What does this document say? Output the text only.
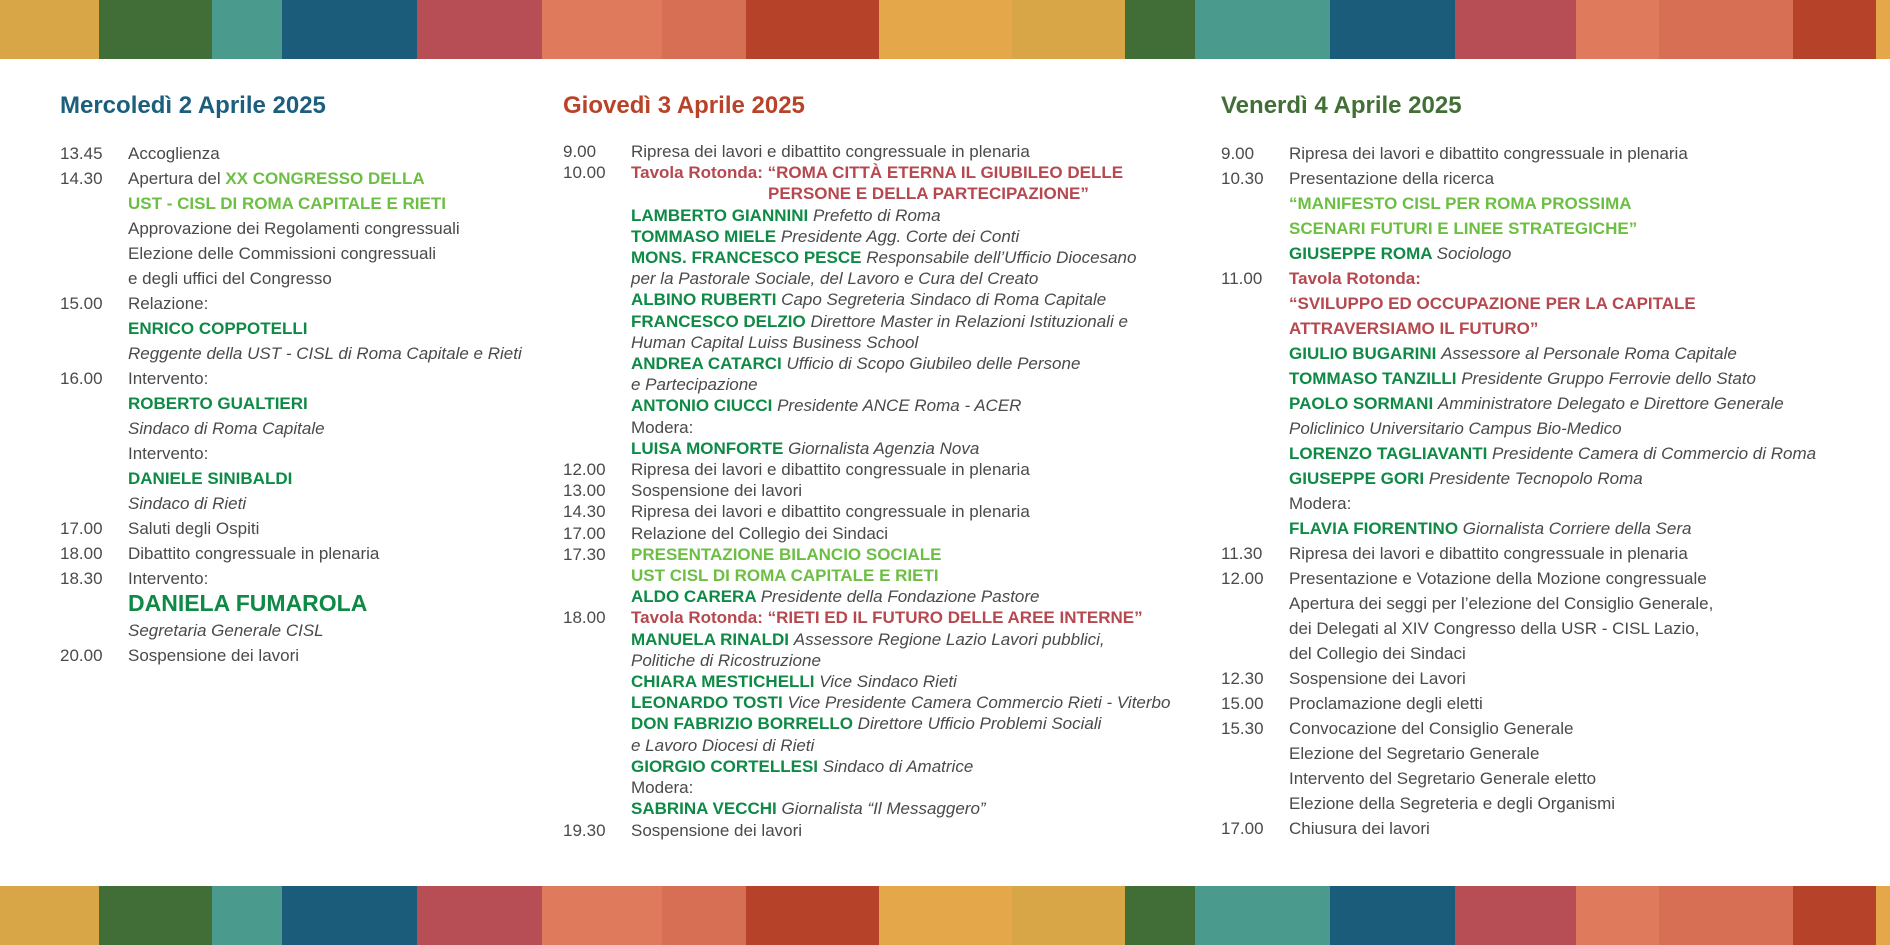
Mercoledì 2 Aprile 2025
13.45	Accoglienza
14.30	Apertura del XX CONGRESSO DELLA
UST - CISL DI ROMA CAPITALE E RIETI
Approvazione dei Regolamenti congressuali
Elezione delle Commissioni congressuali
e degli uffici del Congresso
15.00	Relazione:
ENRICO COPPOTELLI
Reggente della UST - CISL di Roma Capitale e Rieti
16.00	Intervento:
ROBERTO GUALTIERI
Sindaco di Roma Capitale
Intervento:
DANIELE SINIBALDI
Sindaco di Rieti
17.00	Saluti degli Ospiti
18.00	Dibattito congressuale in plenaria
18.30	Intervento:
DANIELA FUMAROLA
Segretaria Generale CISL
20.00	Sospensione dei lavori
Giovedì 3 Aprile 2025
9.00	Ripresa dei lavori e dibattito congressuale in plenaria
10.00	Tavola Rotonda: “ROMA CITTÀ ETERNA IL GIUBILEO DELLE
PERSONE E DELLA PARTECIPAZIONE”
LAMBERTO GIANNINI Prefetto di Roma
TOMMASO MIELE Presidente Agg. Corte dei Conti
MONS. FRANCESCO PESCE Responsabile dell’Ufficio Diocesano
per la Pastorale Sociale, del Lavoro e Cura del Creato
ALBINO RUBERTI Capo Segreteria Sindaco di Roma Capitale
FRANCESCO DELZIO Direttore Master in Relazioni Istituzionali e
Human Capital Luiss Business School
ANDREA CATARCI Ufficio di Scopo Giubileo delle Persone
e Partecipazione
ANTONIO CIUCCI Presidente ANCE Roma - ACER
Modera:
LUISA MONFORTE Giornalista Agenzia Nova
12.00	Ripresa dei lavori e dibattito congressuale in plenaria
13.00	Sospensione dei lavori
14.30	Ripresa dei lavori e dibattito congressuale in plenaria
17.00	Relazione del Collegio dei Sindaci
17.30	PRESENTAZIONE BILANCIO SOCIALE
UST CISL DI ROMA CAPITALE E RIETI
ALDO CARERA Presidente della Fondazione Pastore
18.00	Tavola Rotonda: “RIETI ED IL FUTURO DELLE AREE INTERNE”
MANUELA RINALDI Assessore Regione Lazio Lavori pubblici,
Politiche di Ricostruzione
CHIARA MESTICHELLI Vice Sindaco Rieti
LEONARDO TOSTI Vice Presidente Camera Commercio Rieti - Viterbo
DON FABRIZIO BORRELLO Direttore Ufficio Problemi Sociali
e Lavoro Diocesi di Rieti
GIORGIO CORTELLESI Sindaco di Amatrice
Modera:
SABRINA VECCHI Giornalista “Il Messaggero”
19.30	Sospensione dei lavori
Venerdì 4 Aprile 2025
9.00	Ripresa dei lavori e dibattito congressuale in plenaria
10.30	Presentazione della ricerca
“MANIFESTO CISL PER ROMA PROSSIMA
SCENARI FUTURI E LINEE STRATEGICHE”
GIUSEPPE ROMA Sociologo
11.00	Tavola Rotonda:
“SVILUPPO ED OCCUPAZIONE PER LA CAPITALE
ATTRAVERSIAMO IL FUTURO”
GIULIO BUGARINI Assessore al Personale Roma Capitale
TOMMASO TANZILLI Presidente Gruppo Ferrovie dello Stato
PAOLO SORMANI Amministratore Delegato e Direttore Generale
Policlinico Universitario Campus Bio-Medico
LORENZO TAGLIAVANTI Presidente Camera di Commercio di Roma
GIUSEPPE GORI Presidente Tecnopolo Roma
Modera:
FLAVIA FIORENTINO Giornalista Corriere della Sera
11.30	Ripresa dei lavori e dibattito congressuale in plenaria
12.00	Presentazione e Votazione della Mozione congressuale
Apertura dei seggi per l’elezione del Consiglio Generale,
dei Delegati al XIV Congresso della USR - CISL Lazio,
del Collegio dei Sindaci
12.30	Sospensione dei Lavori
15.00	Proclamazione degli eletti
15.30	Convocazione del Consiglio Generale
Elezione del Segretario Generale
Intervento del Segretario Generale eletto
Elezione della Segreteria e degli Organismi
17.00	Chiusura dei lavori
